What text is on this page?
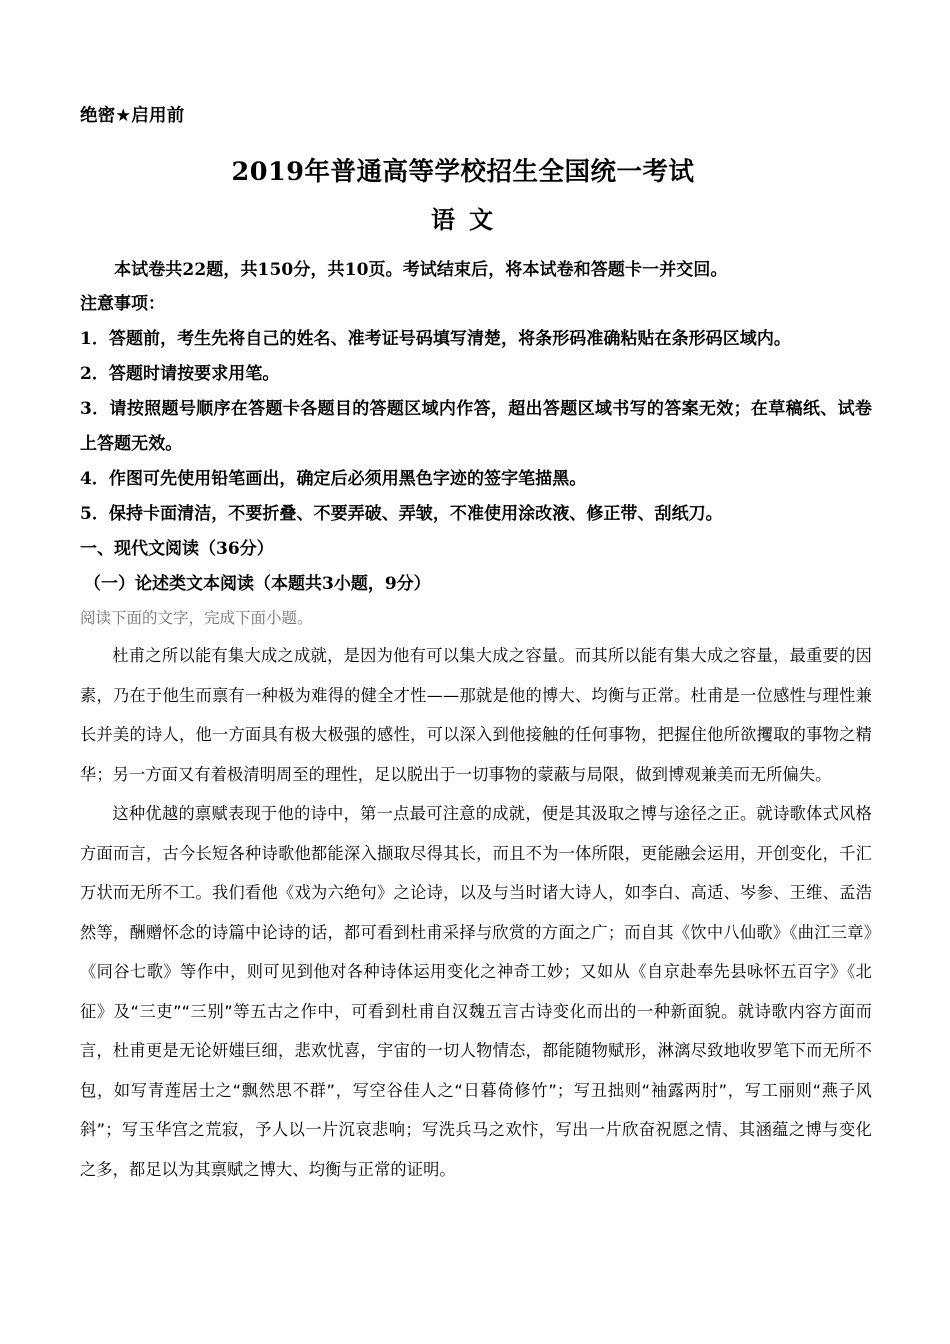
绝密★启用前

2019年普通高等学校招生全国统一考试
语文

本试卷共22题，共150分，共10页。考试结束后，将本试卷和答题卡一并交回。

注意事项：

1．答题前，考生先将自己的姓名、准考证号码填写清楚，将条形码准确粘贴在条形码区域内。

2．答题时请按要求用笔。

3．请按照题号顺序在答题卡各题目的答题区域内作答，超出答题区域书写的答案无效；在草稿纸、试卷上答题无效。

4．作图可先使用铅笔画出，确定后必须用黑色字迹的签字笔描黑。

5．保持卡面清洁，不要折叠、不要弄破、弄皱，不准使用涂改液、修正带、刮纸刀。

一、现代文阅读（36分）

（一）论述类文本阅读（本题共3小题，9分）

阅读下面的文字，完成下面小题。

杜甫之所以能有集大成之成就，是因为他有可以集大成之容量。而其所以能有集大成之容量，最重要的因素，乃在于他生而禀有一种极为难得的健全才性——那就是他的博大、均衡与正常。杜甫是一位感性与理性兼长并美的诗人，他一方面具有极大极强的感性，可以深入到他接触的任何事物，把握住他所欲攫取的事物之精华；另一方面又有着极清明周至的理性，足以脱出于一切事物的蒙蔽与局限，做到博观兼美而无所偏失。

这种优越的禀赋表现于他的诗中，第一点最可注意的成就，便是其汲取之博与途径之正。就诗歌体式风格方面而言，古今长短各种诗歌他都能深入撷取尽得其长，而且不为一体所限，更能融会运用，开创变化，千汇万状而无所不工。我们看他《戏为六绝句》之论诗，以及与当时诸大诗人，如李白、高适、岑参、王维、孟浩然等，酬赠怀念的诗篇中论诗的话，都可看到杜甫采择与欣赏的方面之广；而自其《饮中八仙歌》《曲江三章》《同谷七歌》等作中，则可见到他对各种诗体运用变化之神奇工妙；又如从《自京赴奉先县咏怀五百字》《北征》及“三吏”“三别”等五古之作中，可看到杜甫自汉魏五言古诗变化而出的一种新面貌。就诗歌内容方面而言，杜甫更是无论妍媸巨细，悲欢忧喜，宇宙的一切人物情态，都能随物赋形，淋漓尽致地收罗笔下而无所不包，如写青莲居士之“飘然思不群”，写空谷佳人之“日暮倚修竹”；写丑拙则“袖露两肘”，写工丽则“燕子风斜”；写玉华宫之荒寂，予人以一片沉哀悲响；写洗兵马之欢忭，写出一片欣奋祝愿之情、其涵蕴之博与变化之多，都足以为其禀赋之博大、均衡与正常的证明。
